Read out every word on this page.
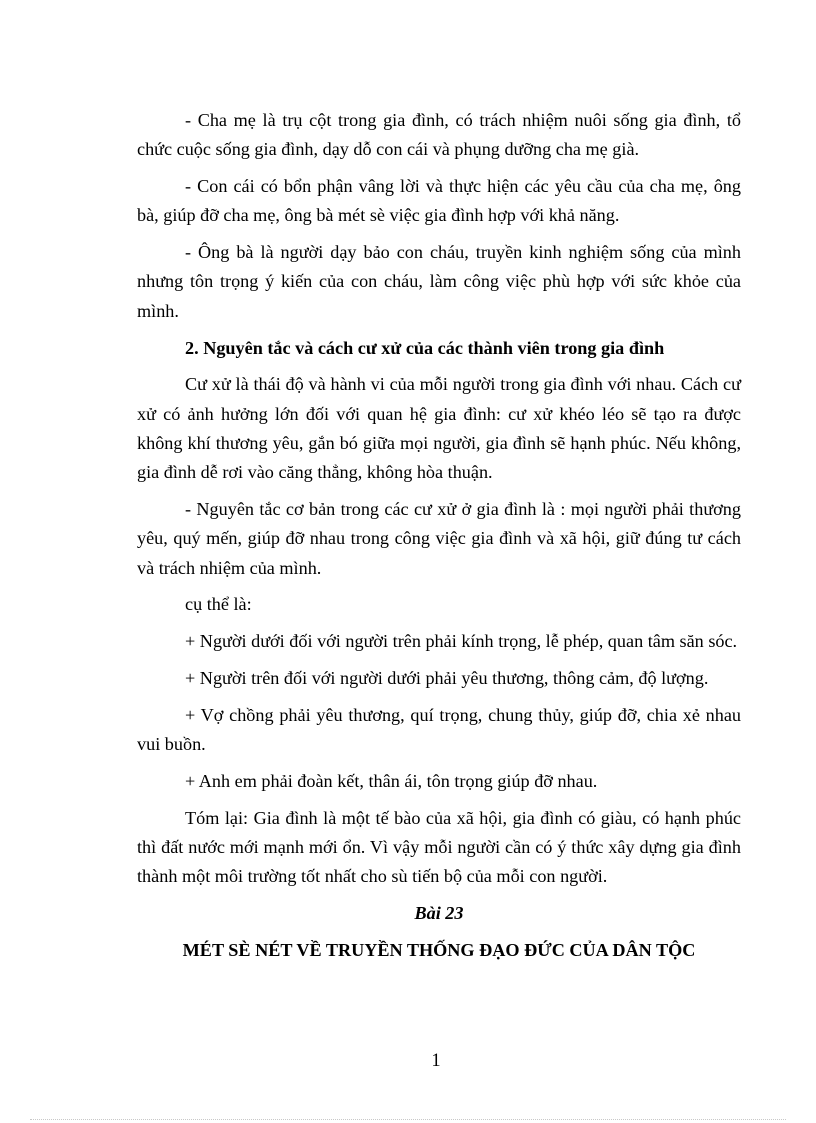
- Cha mẹ là trụ cột trong gia đình, có trách nhiệm nuôi sống gia đình, tổ chức cuộc sống gia đình, dạy dỗ con cái và phụng dưỡng cha mẹ già.

- Con cái có bổn phận vâng lời và thực hiện các yêu cầu của cha mẹ, ông bà, giúp đỡ cha mẹ, ông bà mét sè việc gia đình hợp với khả năng.

- Ông bà là người dạy bảo con cháu, truyền kinh nghiệm sống của mình nhưng tôn trọng ý kiến của con cháu, làm công việc phù hợp với sức khỏe của mình.

2. Nguyên tắc và cách cư xử của các thành viên trong gia đình

Cư xử là thái độ và hành vi của mỗi người trong gia đình với nhau. Cách cư xử có ảnh hưởng lớn đối với quan hệ gia đình: cư xử khéo léo sẽ tạo ra được không khí thương yêu, gắn bó giữa mọi người, gia đình sẽ hạnh phúc. Nếu không, gia đình dễ rơi vào căng thẳng, không hòa thuận.

- Nguyên tắc cơ bản trong các cư xử ở gia đình là : mọi người phải thương yêu, quý mến, giúp đỡ nhau trong công việc gia đình và xã hội, giữ đúng tư cách và trách nhiệm của mình.

cụ thể là:

+ Người dưới đối với người trên phải kính trọng, lễ phép, quan tâm săn sóc.

+ Người trên đối với người dưới phải yêu thương, thông cảm, độ lượng.

+ Vợ chồng phải yêu thương, quí trọng, chung thủy, giúp đỡ, chia xẻ nhau vui buồn.

+ Anh em phải đoàn kết, thân ái, tôn trọng giúp đỡ nhau.

Tóm lại: Gia đình là một tế bào của xã hội, gia đình có giàu, có hạnh phúc thì đất nước mới mạnh mới ổn. Vì vậy mỗi người cần có ý thức xây dựng gia đình thành một môi trường tốt nhất cho sù tiến bộ của mỗi con người.

Bài 23

MÉT SÈ NÉT VỀ TRUYỀN THỐNG ĐẠO ĐỨC CỦA DÂN TỘC

1
